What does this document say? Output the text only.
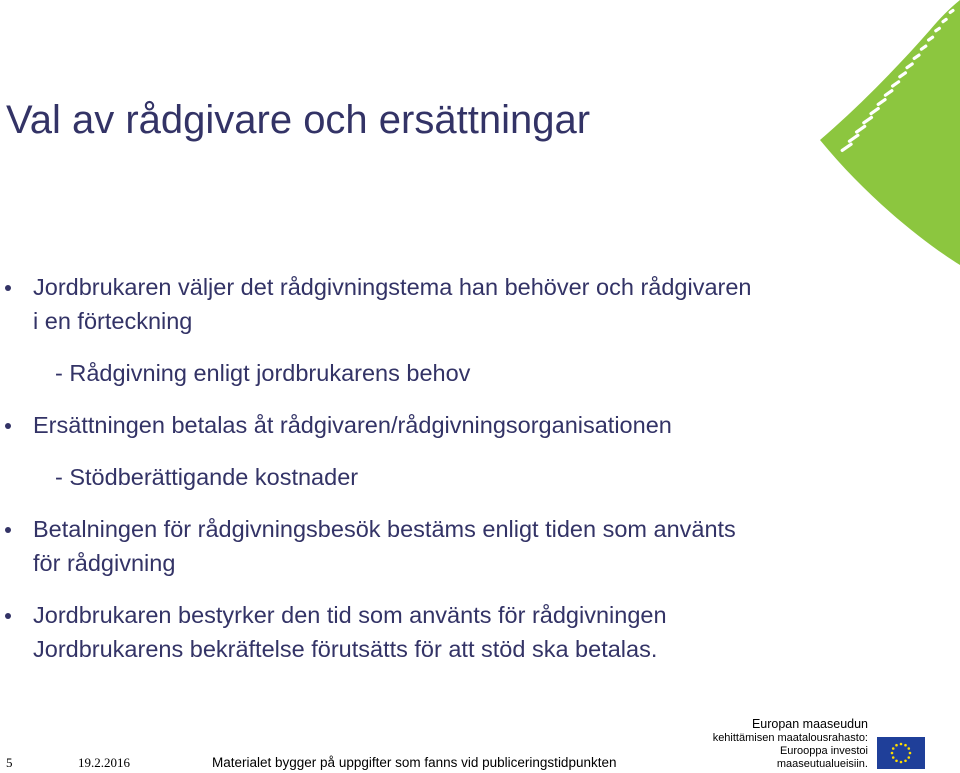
Val av rådgivare och ersättningar
Jordbrukaren väljer det rådgivningstema han behöver och rådgivaren
i en förteckning
- Rådgivning enligt jordbrukarens behov
Ersättningen betalas åt rådgivaren/rådgivningsorganisationen
- Stödberättigande kostnader
Betalningen för rådgivningsbesök bestäms enligt tiden som använts
för rådgivning
Jordbrukaren bestyrker den tid som använts för rådgivningen
Jordbrukarens bekräftelse förutsätts för att stöd ska betalas.
5	19.2.2016	Materialet bygger på uppgifter som fanns vid publiceringstidpunkten
Europan maaseudun
kehittämisen maatalousrahasto:
Eurooppa investoi maaseutualueisiin.
